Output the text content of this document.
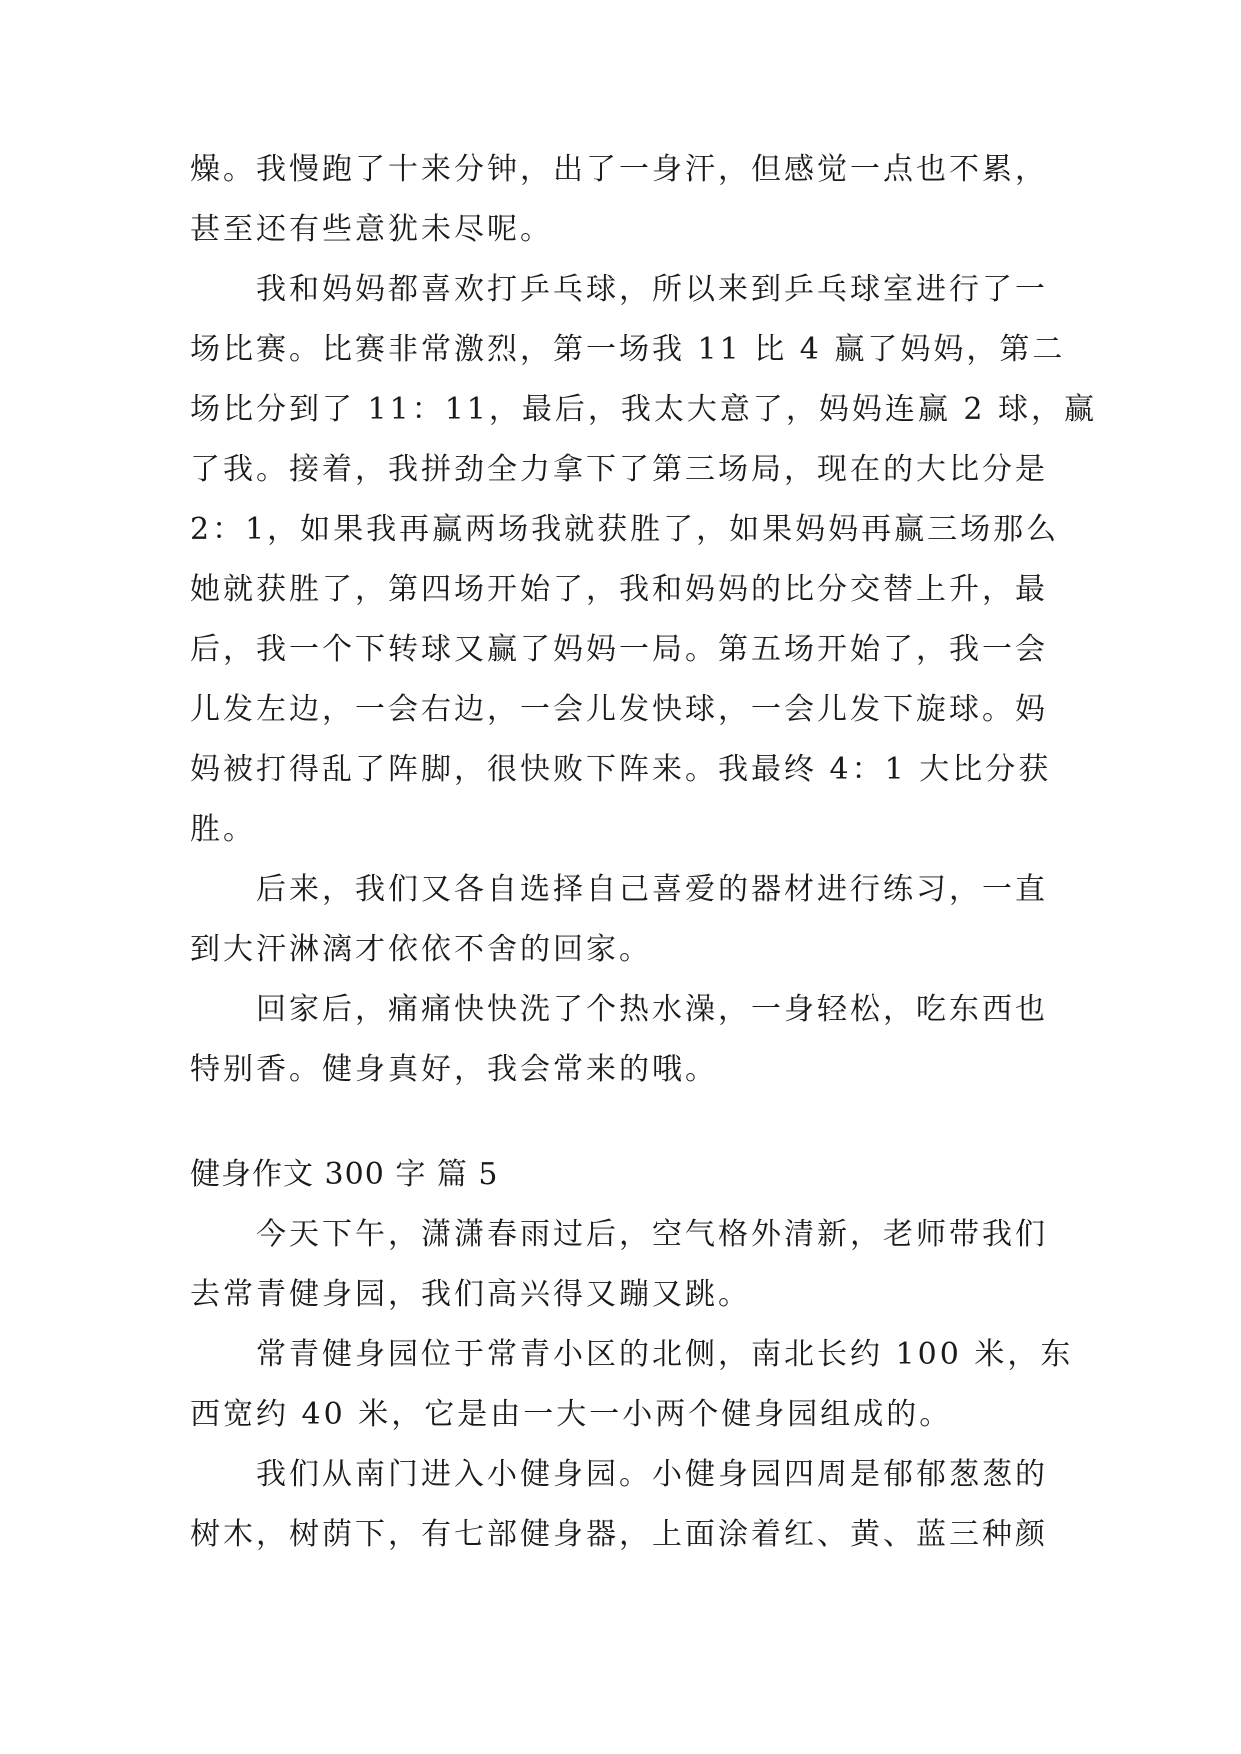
燥。我慢跑了十来分钟，出了一身汗，但感觉一点也不累，
甚至还有些意犹未尽呢。
我和妈妈都喜欢打乒乓球，所以来到乒乓球室进行了一
场比赛。比赛非常激烈，第一场我 11 比 4 赢了妈妈，第二
场比分到了 11：11，最后，我太大意了，妈妈连赢 2 球，赢
了我。接着，我拼劲全力拿下了第三场局，现在的大比分是
2：1，如果我再赢两场我就获胜了，如果妈妈再赢三场那么
她就获胜了，第四场开始了，我和妈妈的比分交替上升，最
后，我一个下转球又赢了妈妈一局。第五场开始了，我一会
儿发左边，一会右边，一会儿发快球，一会儿发下旋球。妈
妈被打得乱了阵脚，很快败下阵来。我最终 4：1 大比分获
胜。
后来，我们又各自选择自己喜爱的器材进行练习，一直
到大汗淋漓才依依不舍的回家。
回家后，痛痛快快洗了个热水澡，一身轻松，吃东西也
特别香。健身真好，我会常来的哦。
健身作文 300 字 篇 5
今天下午，潇潇春雨过后，空气格外清新，老师带我们
去常青健身园，我们高兴得又蹦又跳。
常青健身园位于常青小区的北侧，南北长约 100 米，东
西宽约 40 米，它是由一大一小两个健身园组成的。
我们从南门进入小健身园。小健身园四周是郁郁葱葱的
树木，树荫下，有七部健身器，上面涂着红、黄、蓝三种颜
